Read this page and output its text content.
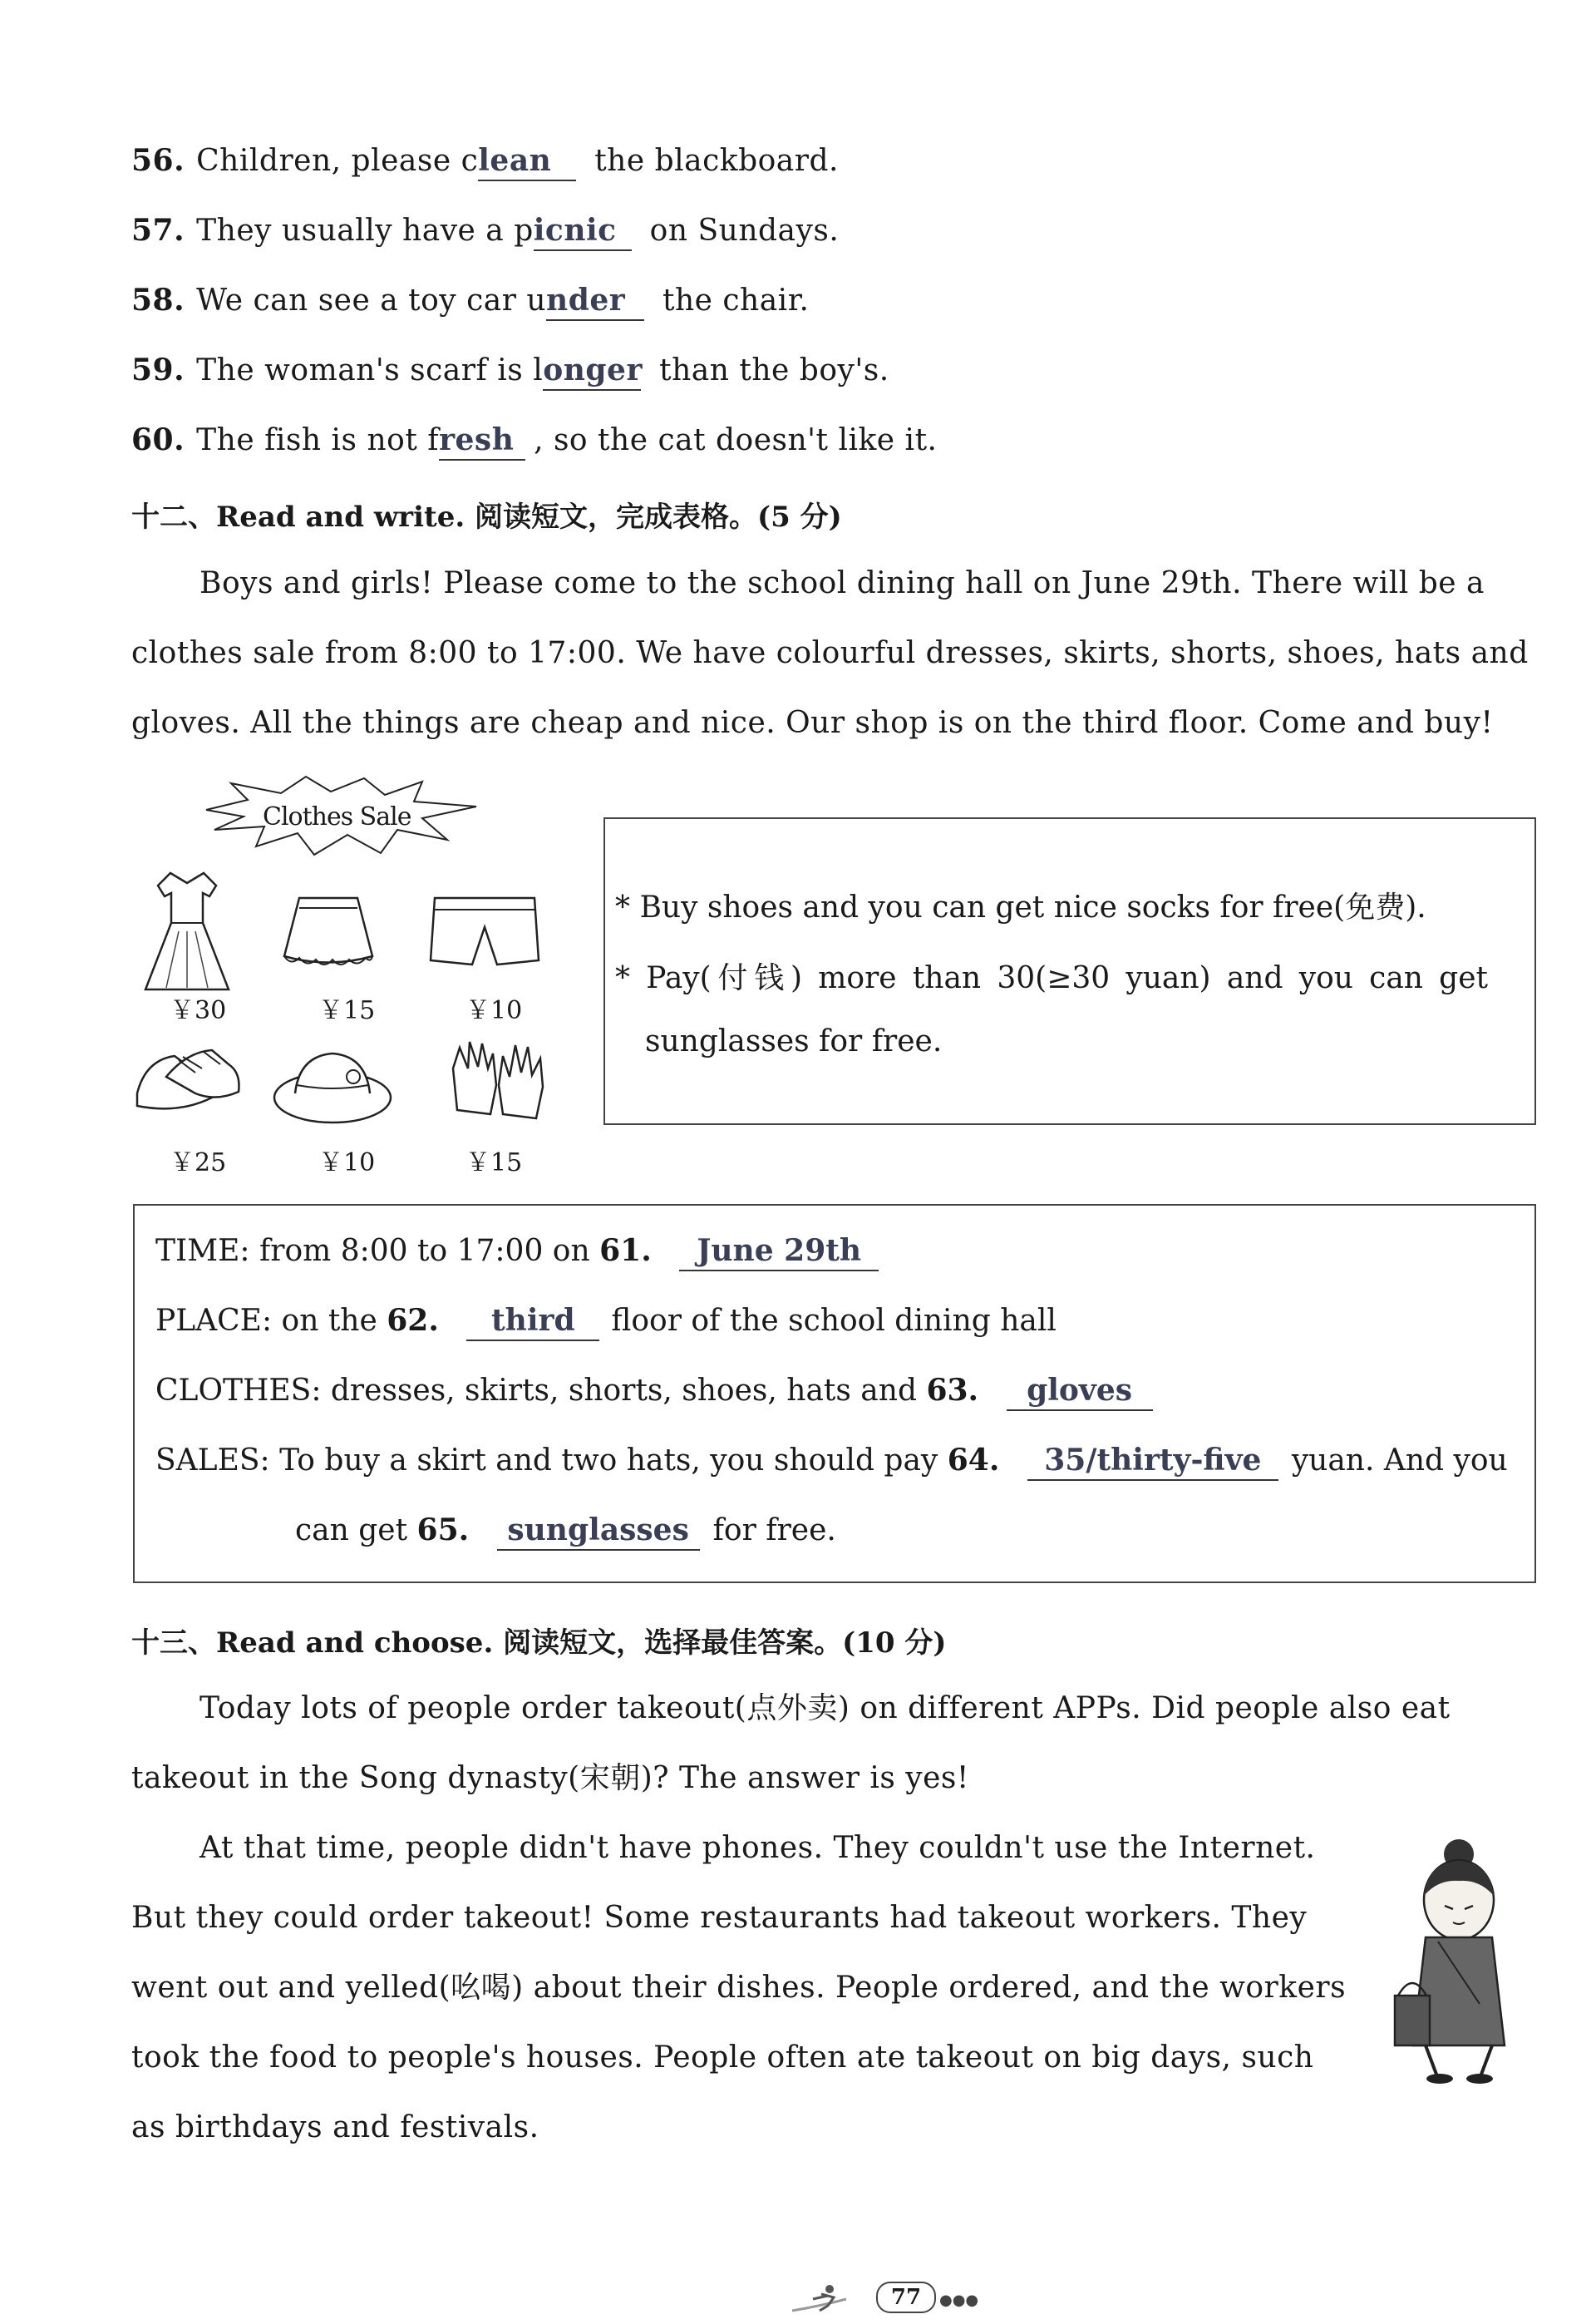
56. Children, please clean the blackboard.
57. They usually have a picnic on Sundays.
58. We can see a toy car under the chair.
59. The woman's scarf is longer than the boy's.
60. The fish is not fresh , so the cat doesn't like it.
十二、Read and write. 阅读短文，完成表格。(5 分)
Boys and girls! Please come to the school dining hall on June 29th. There will be a clothes sale from 8:00 to 17:00. We have colourful dresses, skirts, shorts, shoes, hats and gloves. All the things are cheap and nice. Our shop is on the third floor. Come and buy!
Clothes Sale
￥30	￥15	￥10
￥25	￥10	￥15
* Buy shoes and you can get nice socks for free(免费).
* Pay(付钱) more than 30(≥30 yuan) and you can get
sunglasses for free.
TIME: from 8:00 to 17:00 on 61. June 29th
PLACE: on the 62. third floor of the school dining hall
CLOTHES: dresses, skirts, shorts, shoes, hats and 63. gloves
SALES: To buy a skirt and two hats, you should pay 64. 35/thirty-five yuan. And you
can get 65. sunglasses for free.
十三、Read and choose. 阅读短文，选择最佳答案。(10 分)
Today lots of people order takeout(点外卖) on different APPs. Did people also eat takeout in the Song dynasty(宋朝)? The answer is yes!
At that time, people didn't have phones. They couldn't use the Internet. But they could order takeout! Some restaurants had takeout workers. They went out and yelled(吆喝) about their dishes. People ordered, and the workers took the food to people's houses. People often ate takeout on big days, such as birthdays and festivals.
77	●●●
